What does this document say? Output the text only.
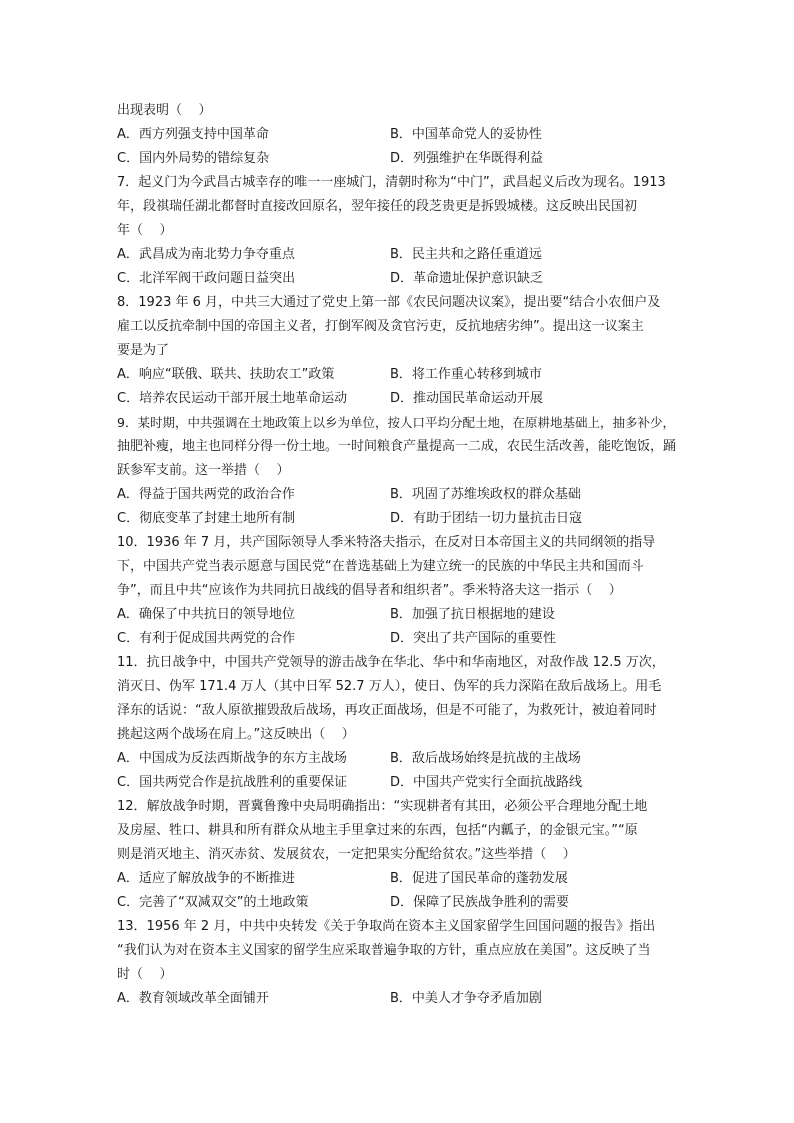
出现表明（    ）

A．西方列强支持中国革命	B．中国革命党人的妥协性
C．国内外局势的错综复杂	D．列强维护在华既得利益

7．起义门为今武昌古城幸存的唯一一座城门，清朝时称为“中门”，武昌起义后改为现名。1913

年，段祺瑞任湖北都督时直接改回原名，翌年接任的段芝贵更是拆毁城楼。这反映出民国初

年（    ）

A．武昌成为南北势力争夺重点	B．民主共和之路任重道远
C．北洋军阀干政问题日益突出	D．革命遗址保护意识缺乏

8．1923 年 6 月，中共三大通过了党史上第一部《农民问题决议案》，提出要“结合小农佃户及

雇工以反抗牵制中国的帝国主义者，打倒军阀及贪官污吏，反抗地痞劣绅”。提出这一议案主

要是为了

A．响应“联俄、联共、扶助农工”政策	B．将工作重心转移到城市
C．培养农民运动干部开展土地革命运动	D．推动国民革命运动开展

9．某时期，中共强调在土地政策上以乡为单位，按人口平均分配土地，在原耕地基础上，抽多补少，

抽肥补瘦，地主也同样分得一份土地。一时间粮食产量提高一二成，农民生活改善，能吃饱饭，踊

跃参军支前。这一举措（    ）

A．得益于国共两党的政治合作	B．巩固了苏维埃政权的群众基础
C．彻底变革了封建土地所有制	D．有助于团结一切力量抗击日寇

10．1936 年 7 月，共产国际领导人季米特洛夫指示，在反对日本帝国主义的共同纲领的指导

下，中国共产党当表示愿意与国民党“在普选基础上为建立统一的民族的中华民主共和国而斗

争”，而且中共“应该作为共同抗日战线的倡导者和组织者”。季米特洛夫这一指示（    ）

A．确保了中共抗日的领导地位	B．加强了抗日根据地的建设
C．有利于促成国共两党的合作	D．突出了共产国际的重要性

11．抗日战争中，中国共产党领导的游击战争在华北、华中和华南地区，对敌作战 12.5 万次，

消灭日、伪军 171.4 万人（其中日军 52.7 万人），使日、伪军的兵力深陷在敌后战场上。用毛

泽东的话说：“敌人原欲摧毁敌后战场，再攻正面战场，但是不可能了，为救死计，被迫着同时

挑起这两个战场在肩上。”这反映出（    ）

A．中国成为反法西斯战争的东方主战场	B．敌后战场始终是抗战的主战场
C．国共两党合作是抗战胜利的重要保证	D．中国共产党实行全面抗战路线

12．解放战争时期，晋冀鲁豫中央局明确指出：“实现耕者有其田，必须公平合理地分配土地

及房屋、牲口、耕具和所有群众从地主手里拿过来的东西，包括“内瓤子，的金银元宝。”“原

则是消灭地主、消灭赤贫、发展贫农，一定把果实分配给贫农。”这些举措（    ）

A．适应了解放战争的不断推进	B．促进了国民革命的蓬勃发展
C．完善了“双减双交”的土地政策	D．保障了民族战争胜利的需要

13．1956 年 2 月，中共中央转发《关于争取尚在资本主义国家留学生回国问题的报告》指出

“我们认为对在资本主义国家的留学生应采取普遍争取的方针，重点应放在美国”。这反映了当

时（    ）

A．教育领域改革全面铺开	B．中美人才争夺矛盾加剧
